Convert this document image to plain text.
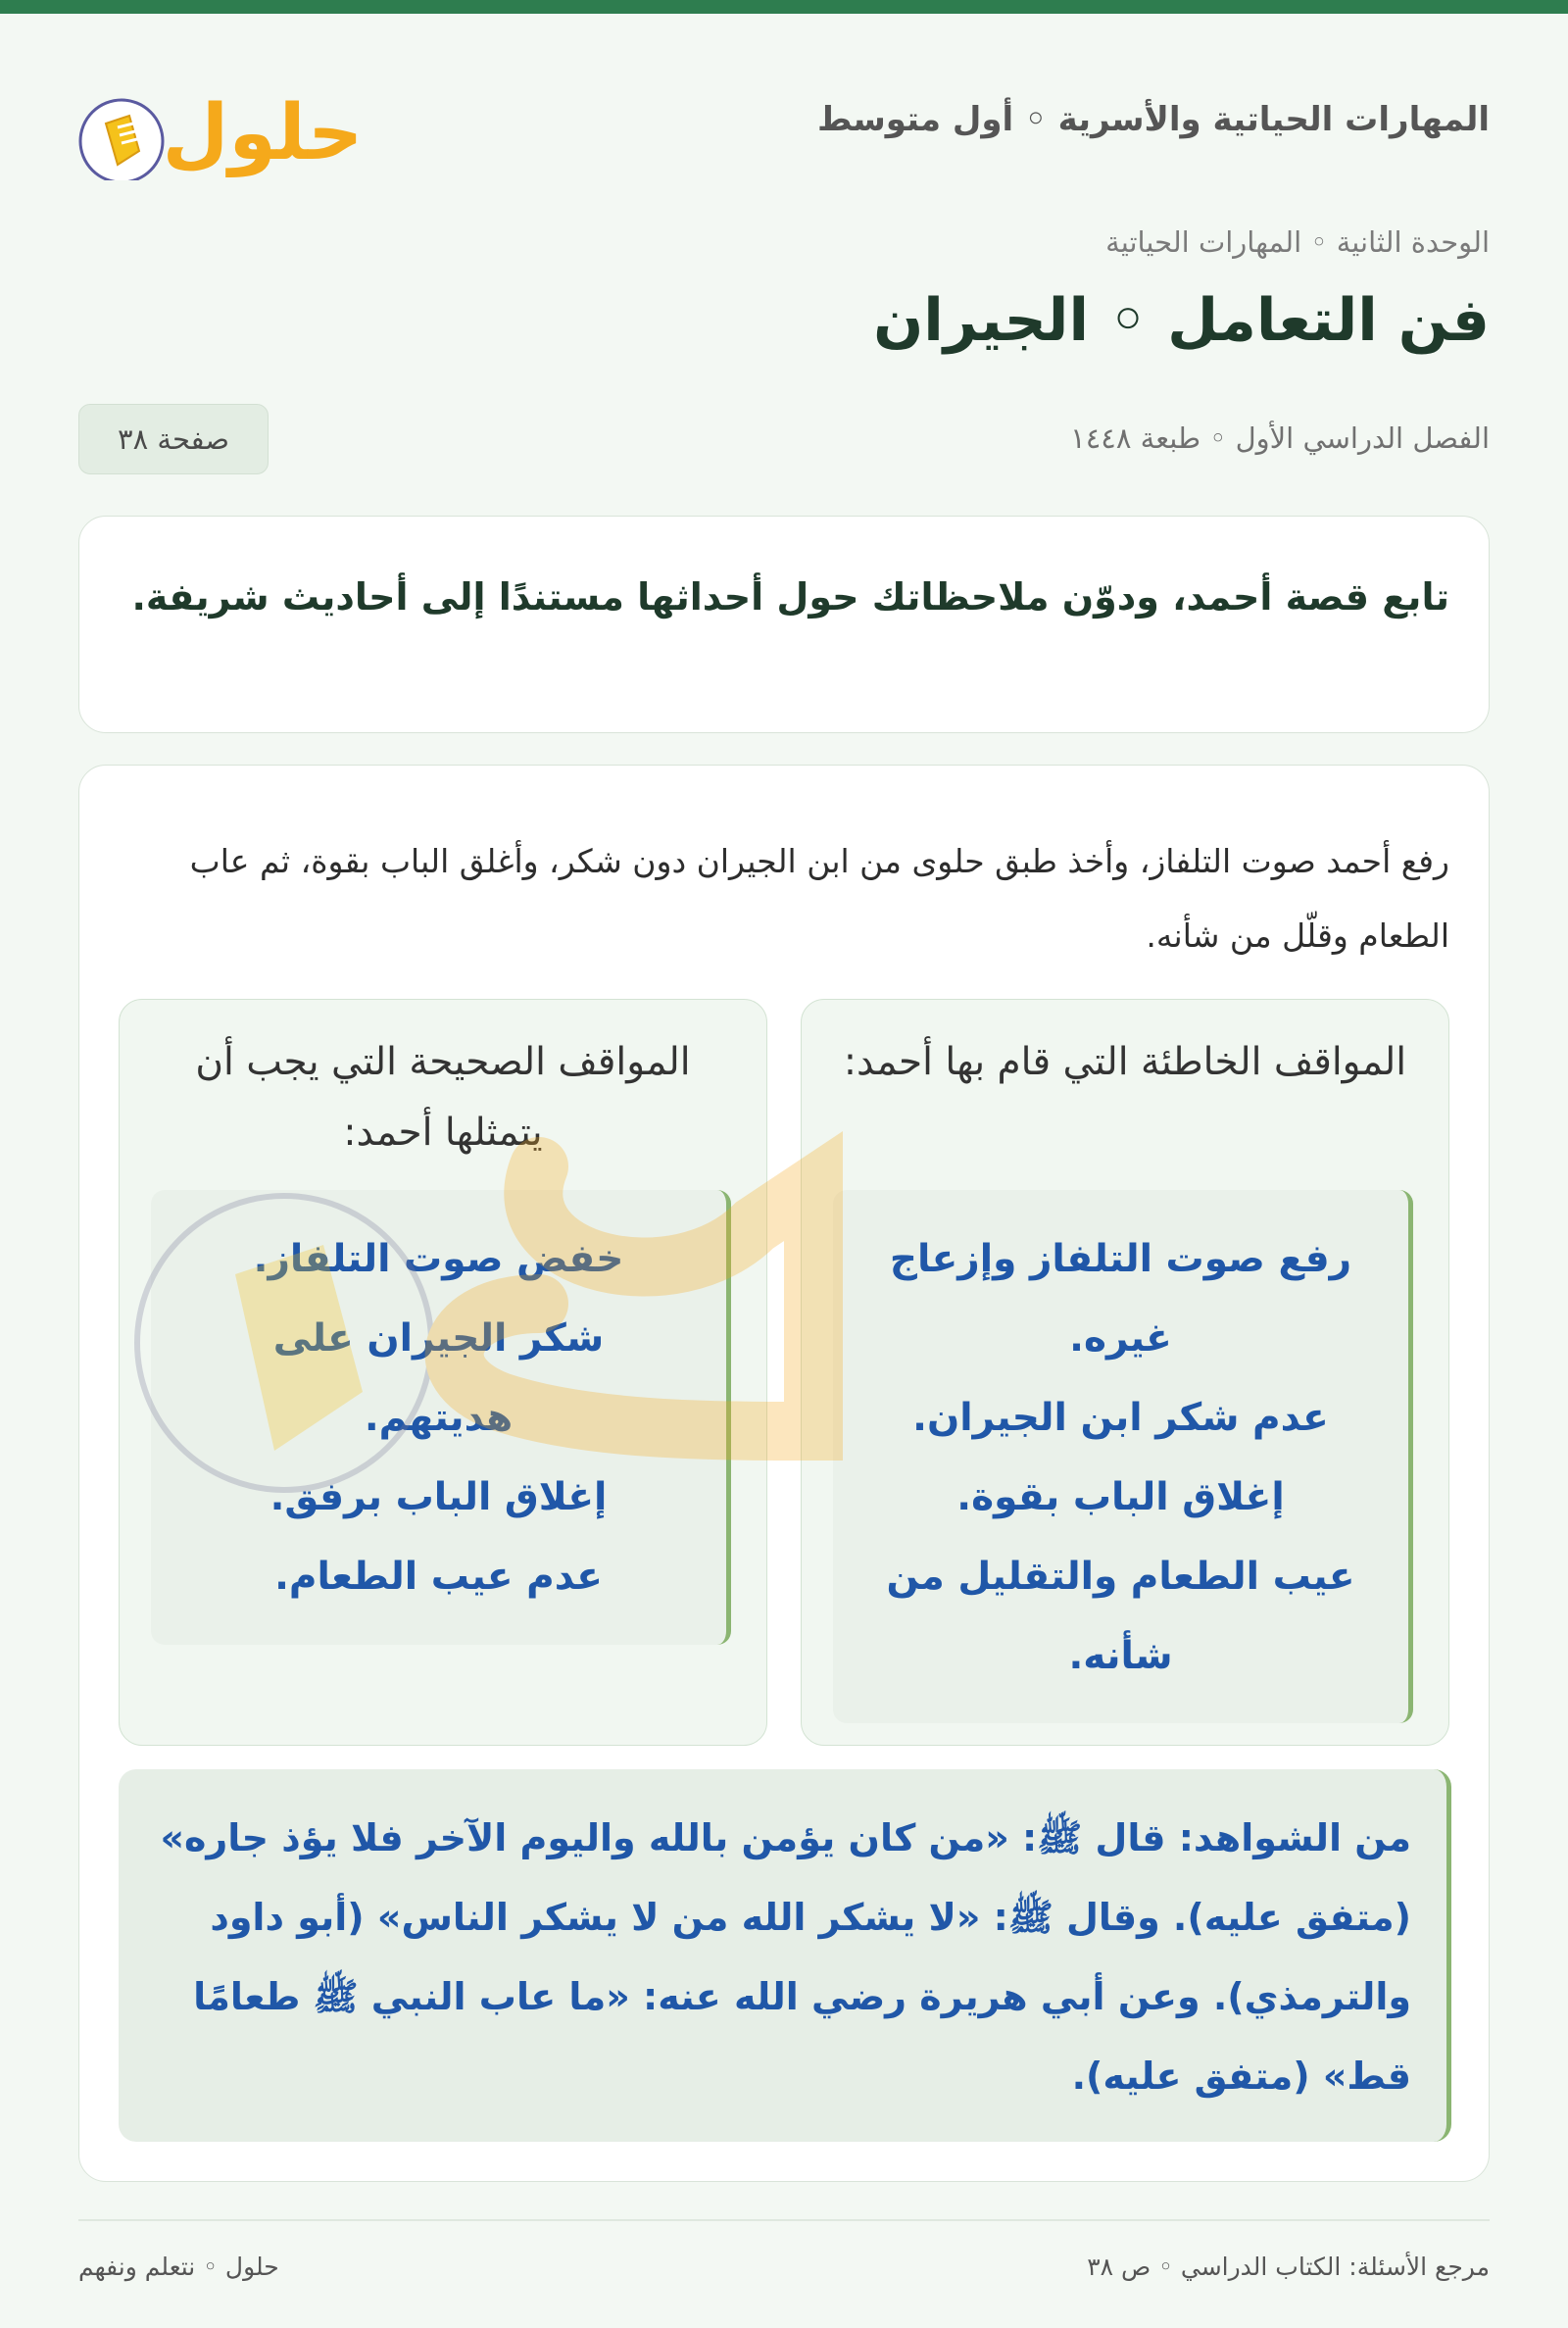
المهارات الحياتية والأسرية ◦ أول متوسط
حلول
الوحدة الثانية ◦ المهارات الحياتية
فن التعامل ◦ الجيران
الفصل الدراسي الأول ◦ طبعة ١٤٤٨
صفحة ٣٨
تابع قصة أحمد، ودوّن ملاحظاتك حول أحداثها مستندًا إلى أحاديث شريفة.
رفع أحمد صوت التلفاز، وأخذ طبق حلوى من ابن الجيران دون شكر، وأغلق الباب بقوة، ثم عاب الطعام وقلّل من شأنه.
المواقف الخاطئة التي قام بها أحمد:
رفع صوت التلفاز وإزعاج
غيره.
عدم شكر ابن الجيران.
إغلاق الباب بقوة.
عيب الطعام والتقليل من
شأنه.
المواقف الصحيحة التي يجب أن يتمثلها أحمد:
خفض صوت التلفاز.
شكر الجيران على
هديتهم.
إغلاق الباب برفق.
عدم عيب الطعام.
من الشواهد: قال ﷺ: «من كان يؤمن بالله واليوم الآخر فلا يؤذ جاره» (متفق عليه). وقال ﷺ: «لا يشكر الله من لا يشكر الناس» (أبو داود والترمذي). وعن أبي هريرة رضي الله عنه: «ما عاب النبي ﷺ طعامًا قط» (متفق عليه).
حلول ◦ نتعلم ونفهم	مرجع الأسئلة: الكتاب الدراسي ◦ ص ٣٨
